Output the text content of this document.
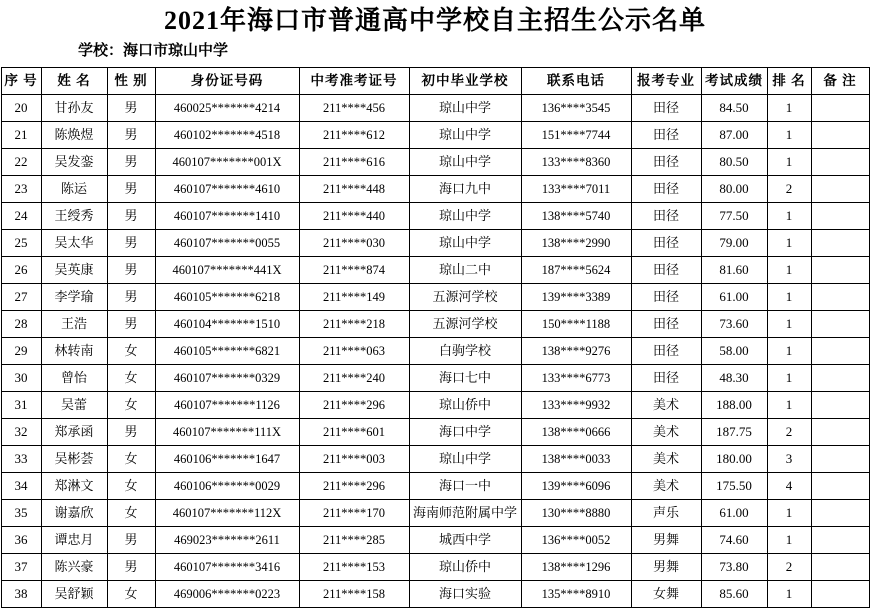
2021年海口市普通高中学校自主招生公示名单
学校：海口市琼山中学
序 号	姓 名	性 别	身份证号码	中考准考证号	初中毕业学校	联系电话	报考专业	考试成绩	排 名	备 注
20	甘孙友	男	460025*******4214	211****456	琼山中学	136****3545	田径	84.50	1	
21	陈焕煜	男	460102*******4518	211****612	琼山中学	151****7744	田径	87.00	1	
22	吴发銮	男	460107*******001X	211****616	琼山中学	133****8360	田径	80.50	1	
23	陈运	男	460107*******4610	211****448	海口九中	133****7011	田径	80.00	2	
24	王绶秀	男	460107*******1410	211****440	琼山中学	138****5740	田径	77.50	1	
25	吴太华	男	460107*******0055	211****030	琼山中学	138****2990	田径	79.00	1	
26	吴英康	男	460107*******441X	211****874	琼山二中	187****5624	田径	81.60	1	
27	李学瑜	男	460105*******6218	211****149	五源河学校	139****3389	田径	61.00	1	
28	王浩	男	460104*******1510	211****218	五源河学校	150****1188	田径	73.60	1	
29	林转南	女	460105*******6821	211****063	白驹学校	138****9276	田径	58.00	1	
30	曾怡	女	460107*******0329	211****240	海口七中	133****6773	田径	48.30	1	
31	吴蕾	女	460107*******1126	211****296	琼山侨中	133****9932	美术	188.00	1	
32	郑承函	男	460107*******111X	211****601	海口中学	138****0666	美术	187.75	2	
33	吴彬荟	女	460106*******1647	211****003	琼山中学	138****0033	美术	180.00	3	
34	郑淋文	女	460106*******0029	211****296	海口一中	139****6096	美术	175.50	4	
35	谢嘉欣	女	460107*******112X	211****170	海南师范附属中学	130****8880	声乐	61.00	1	
36	谭忠月	男	469023*******2611	211****285	城西中学	136****0052	男舞	74.60	1	
37	陈兴豪	男	460107*******3416	211****153	琼山侨中	138****1296	男舞	73.80	2	
38	吴舒颖	女	469006*******0223	211****158	海口实验	135****8910	女舞	85.60	1	
